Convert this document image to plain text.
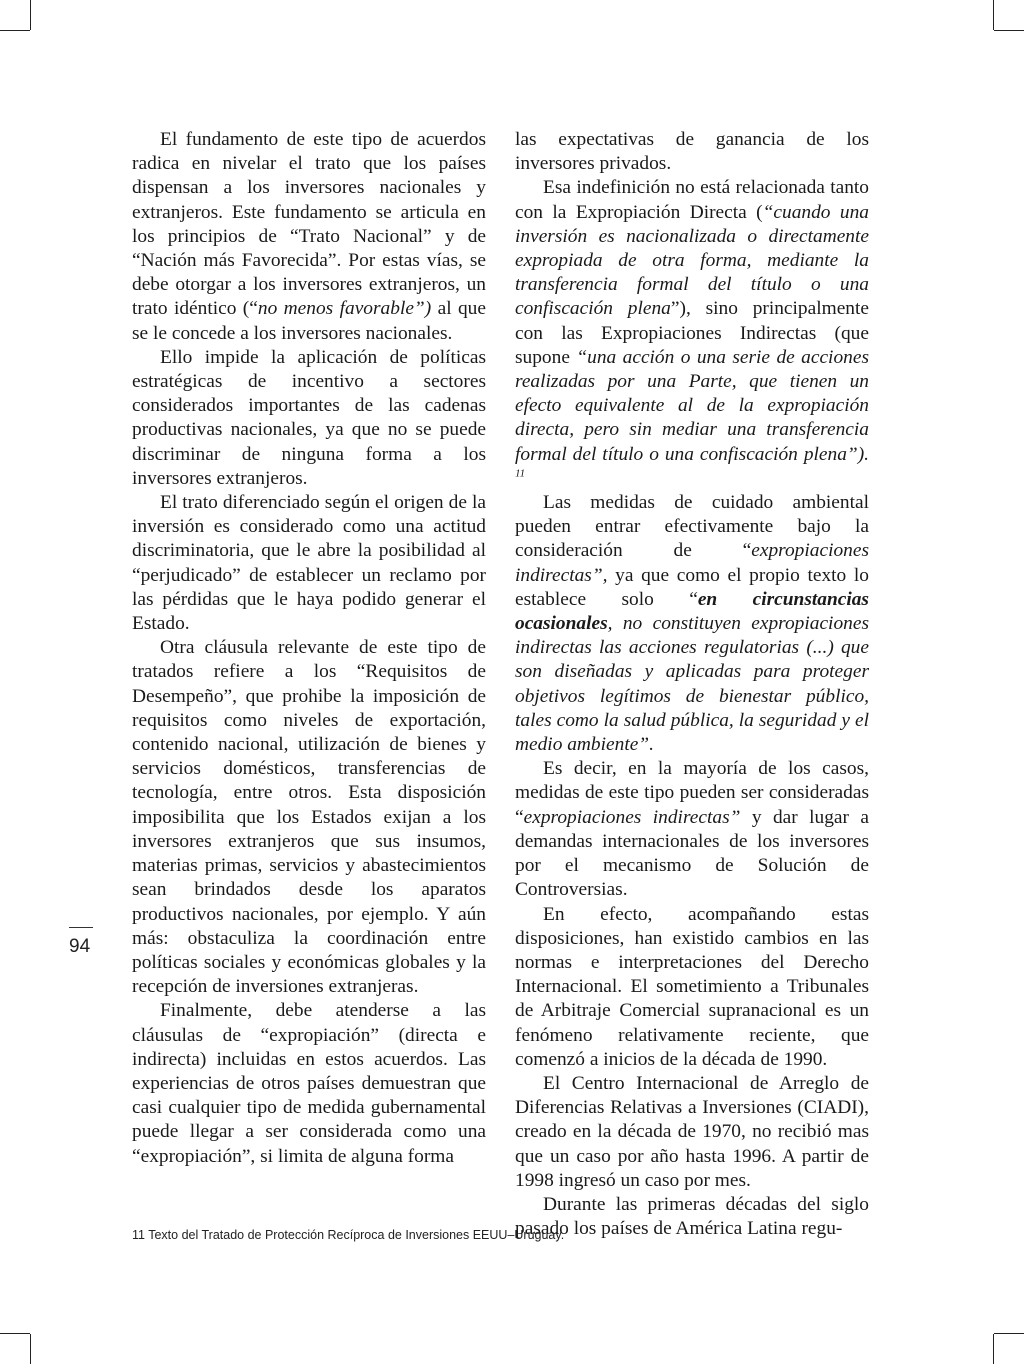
El fundamento de este tipo de acuerdos radica en nivelar el trato que los países dispensan a los inversores nacionales y extranjeros. Este fundamento se articula en los principios de “Trato Nacional” y de “Nación más Favorecida”. Por estas vías, se debe otorgar a los inversores extranjeros, un trato idéntico (“no menos favorable”) al que se le concede a los inversores nacionales.

Ello impide la aplicación de políticas estratégicas de incentivo a sectores considerados importantes de las cadenas productivas nacionales, ya que no se puede discriminar de ninguna forma a los inversores extranjeros.

El trato diferenciado según el origen de la inversión es considerado como una actitud discriminatoria, que le abre la posibilidad al “perjudicado” de establecer un reclamo por las pérdidas que le haya podido generar el Estado.

Otra cláusula relevante de este tipo de tratados refiere a los “Requisitos de Desempeño”, que prohibe la imposición de requisitos como niveles de exportación, contenido nacional, utilización de bienes y servicios domésticos, transferencias de tecnología, entre otros. Esta disposición imposibilita que los Estados exijan a los inversores extranjeros que sus insumos, materias primas, servicios y abastecimientos sean brindados desde los aparatos productivos nacionales, por ejemplo. Y aún más: obstaculiza la coordinación entre políticas sociales y económicas globales y la recepción de inversiones extranjeras.

Finalmente, debe atenderse a las cláusulas de “expropiación” (directa e indirecta) incluidas en estos acuerdos. Las experiencias de otros países demuestran que casi cualquier tipo de medida gubernamental puede llegar a ser considerada como una “expropiación”, si limita de alguna forma

las expectativas de ganancia de los inversores privados.

Esa indefinición no está relacionada tanto con la Expropiación Directa (“cuando una inversión es nacionalizada o directamente expropiada de otra forma, mediante la transferencia formal del título o una confiscación plena”), sino principalmente con las Expropiaciones Indirectas (que supone “una acción o una serie de acciones realizadas por una Parte, que tienen un efecto equivalente al de la expropiación directa, pero sin mediar una transferencia formal del título o una confiscación plena”). $^{11}$

Las medidas de cuidado ambiental pueden entrar efectivamente bajo la consideración de “expropiaciones indirectas”, ya que como el propio texto lo establece solo “en circunstancias ocasionales, no constituyen expropiaciones indirectas las acciones regulatorias (...) que son diseñadas y aplicadas para proteger objetivos legítimos de bienestar público, tales como la salud pública, la seguridad y el medio ambiente”.

Es decir, en la mayoría de los casos, medidas de este tipo pueden ser consideradas “expropiaciones indirectas” y dar lugar a demandas internacionales de los inversores por el mecanismo de Solución de Controversias.

En efecto, acompañando estas disposiciones, han existido cambios en las normas e interpretaciones del Derecho Internacional. El sometimiento a Tribunales de Arbitraje Comercial supranacional es un fenómeno relativamente reciente, que comenzó a inicios de la década de 1990.

El Centro Internacional de Arreglo de Diferencias Relativas a Inversiones (CIADI), creado en la década de 1970, no recibió mas que un caso por año hasta 1996. A partir de 1998 ingresó un caso por mes.

Durante las primeras décadas del siglo pasado los países de América Latina regu-

94
11 Texto del Tratado de Protección Recíproca de Inversiones EEUU–Uruguay.
